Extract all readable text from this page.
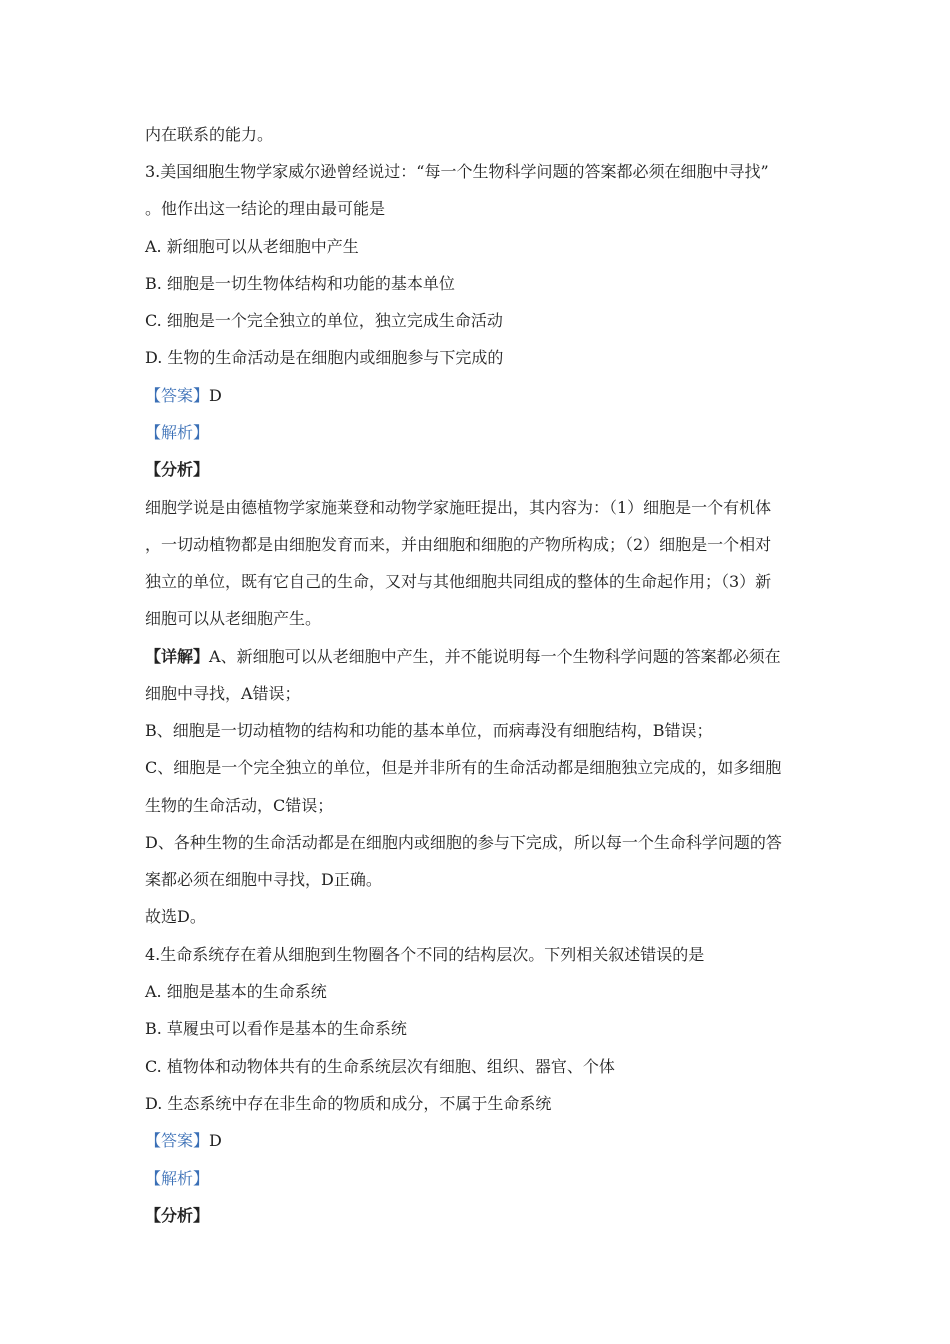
内在联系的能力。
3.美国细胞生物学家威尔逊曾经说过：“每一个生物科学问题的答案都必须在细胞中寻找”
。他作出这一结论的理由最可能是
A. 新细胞可以从老细胞中产生
B. 细胞是一切生物体结构和功能的基本单位
C. 细胞是一个完全独立的单位，独立完成生命活动
D. 生物的生命活动是在细胞内或细胞参与下完成的
【答案】D
【解析】
【分析】
细胞学说是由德植物学家施莱登和动物学家施旺提出，其内容为：（1）细胞是一个有机体
，一切动植物都是由细胞发育而来，并由细胞和细胞的产物所构成；（2）细胞是一个相对
独立的单位，既有它自己的生命，又对与其他细胞共同组成的整体的生命起作用；（3）新
细胞可以从老细胞产生。
【详解】A、新细胞可以从老细胞中产生，并不能说明每一个生物科学问题的答案都必须在
细胞中寻找，A错误；
B、细胞是一切动植物的结构和功能的基本单位，而病毒没有细胞结构，B错误；
C、细胞是一个完全独立的单位，但是并非所有的生命活动都是细胞独立完成的，如多细胞
生物的生命活动，C错误；
D、各种生物的生命活动都是在细胞内或细胞的参与下完成，所以每一个生命科学问题的答
案都必须在细胞中寻找，D正确。
故选D。
4.生命系统存在着从细胞到生物圈各个不同的结构层次。下列相关叙述错误的是
A. 细胞是基本的生命系统
B. 草履虫可以看作是基本的生命系统
C. 植物体和动物体共有的生命系统层次有细胞、组织、器官、个体
D. 生态系统中存在非生命的物质和成分，不属于生命系统
【答案】D
【解析】
【分析】
